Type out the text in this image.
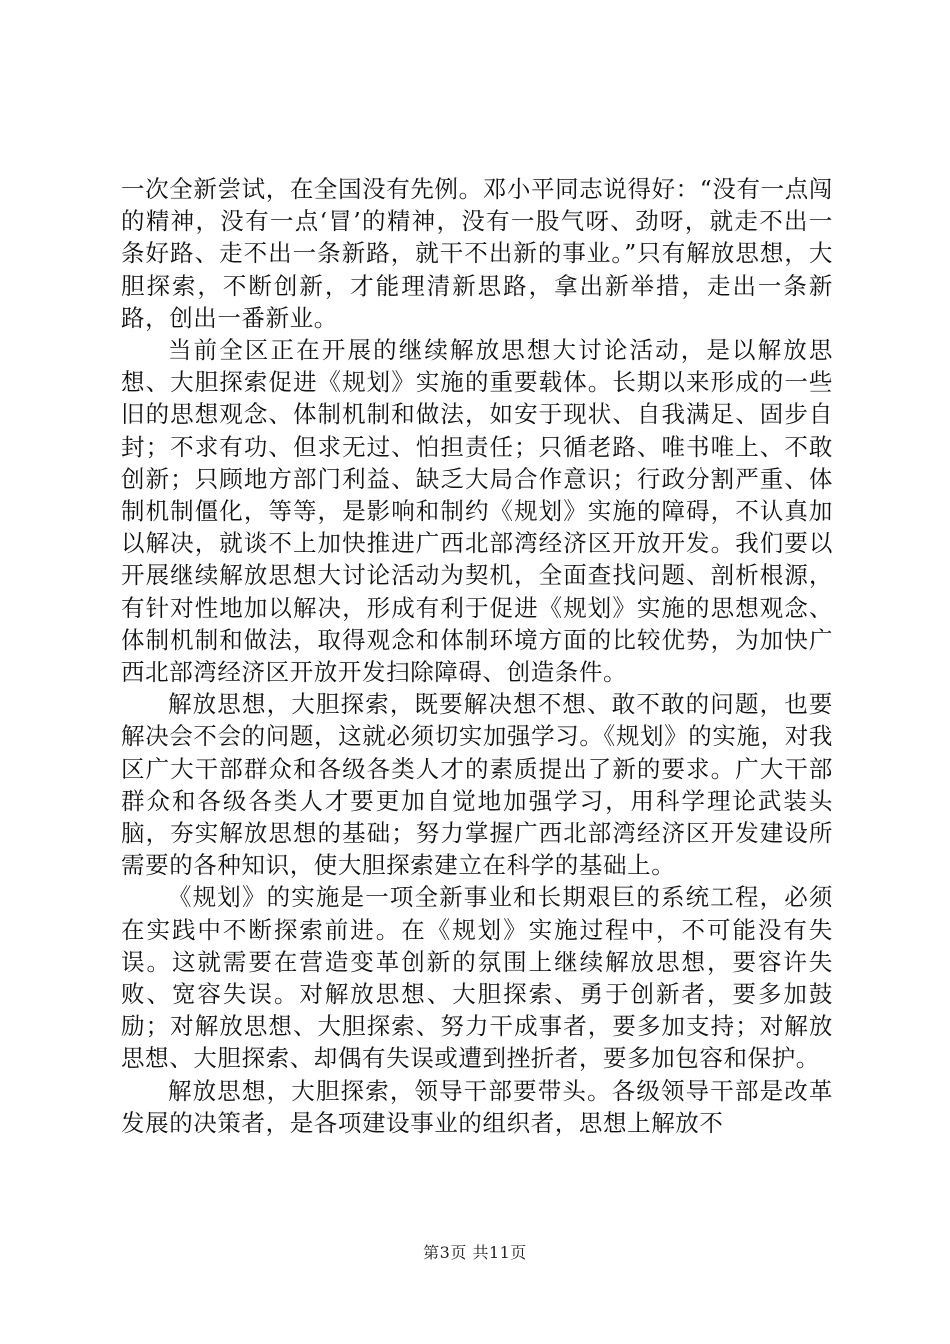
一次全新尝试，在全国没有先例。邓小平同志说得好：“没有一点闯的精神，没有一点‘冒’的精神，没有一股气呀、劲呀，就走不出一条好路、走不出一条新路，就干不出新的事业。”只有解放思想，大胆探索，不断创新，才能理清新思路，拿出新举措，走出一条新路，创出一番新业。

当前全区正在开展的继续解放思想大讨论活动，是以解放思想、大胆探索促进《规划》实施的重要载体。长期以来形成的一些旧的思想观念、体制机制和做法，如安于现状、自我满足、固步自封；不求有功、但求无过、怕担责任；只循老路、唯书唯上、不敢创新；只顾地方部门利益、缺乏大局合作意识；行政分割严重、体制机制僵化，等等，是影响和制约《规划》实施的障碍，不认真加以解决，就谈不上加快推进广西北部湾经济区开放开发。我们要以开展继续解放思想大讨论活动为契机，全面查找问题、剖析根源，有针对性地加以解决，形成有利于促进《规划》实施的思想观念、体制机制和做法，取得观念和体制环境方面的比较优势，为加快广西北部湾经济区开放开发扫除障碍、创造条件。

解放思想，大胆探索，既要解决想不想、敢不敢的问题，也要解决会不会的问题，这就必须切实加强学习。《规划》的实施，对我区广大干部群众和各级各类人才的素质提出了新的要求。广大干部群众和各级各类人才要更加自觉地加强学习，用科学理论武装头脑，夯实解放思想的基础；努力掌握广西北部湾经济区开发建设所需要的各种知识，使大胆探索建立在科学的基础上。

《规划》的实施是一项全新事业和长期艰巨的系统工程，必须在实践中不断探索前进。在《规划》实施过程中，不可能没有失误。这就需要在营造变革创新的氛围上继续解放思想，要容许失败、宽容失误。对解放思想、大胆探索、勇于创新者，要多加鼓励；对解放思想、大胆探索、努力干成事者，要多加支持；对解放思想、大胆探索、却偶有失误或遭到挫折者，要多加包容和保护。

解放思想，大胆探索，领导干部要带头。各级领导干部是改革发展的决策者，是各项建设事业的组织者，思想上解放不

第3页 共11页
